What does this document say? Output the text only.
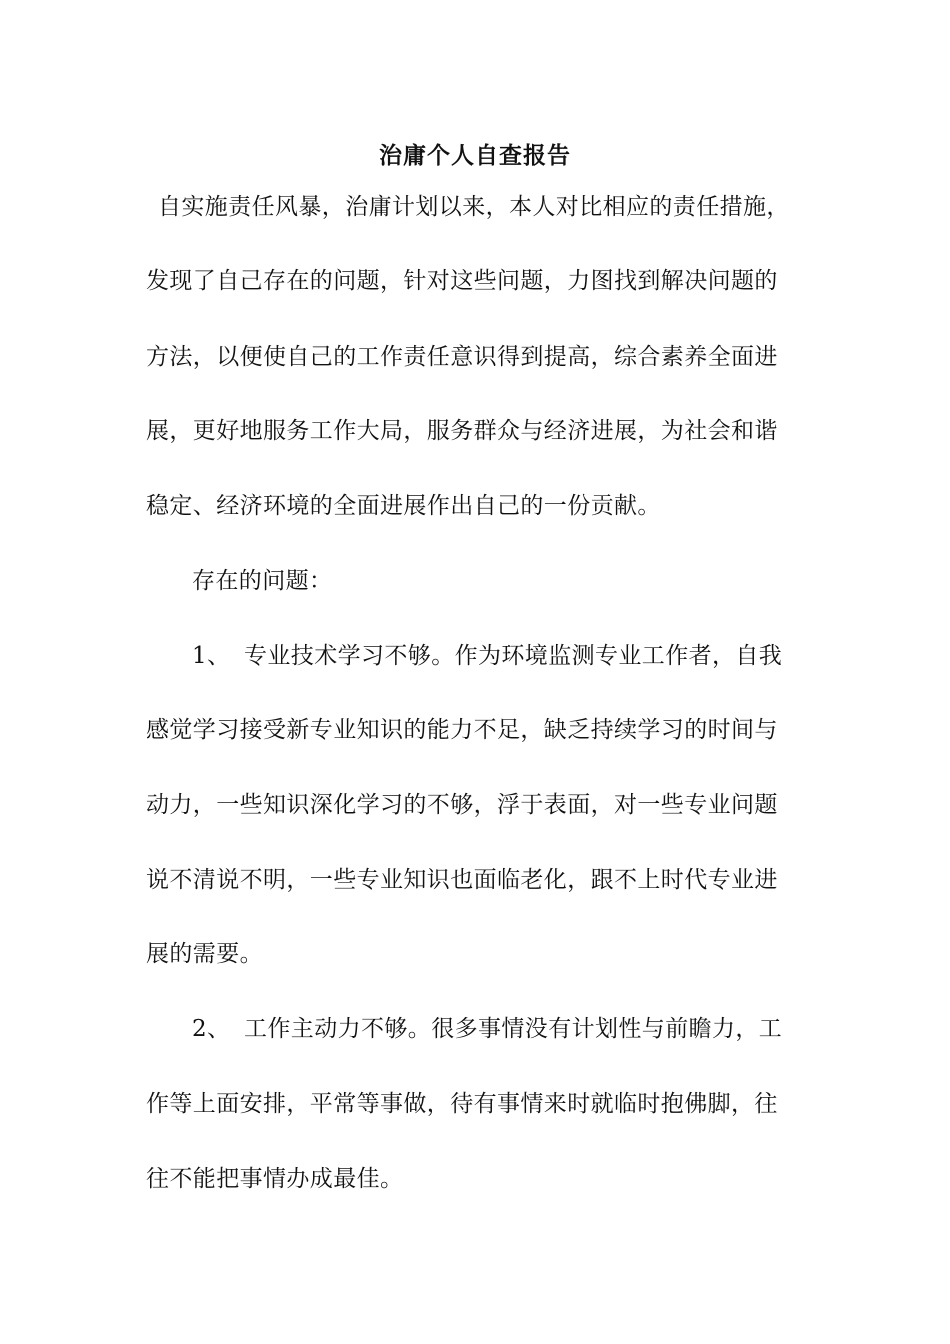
治庸个人自查报告
自实施责任风暴，治庸计划以来，本人对比相应的责任措施，
发现了自己存在的问题，针对这些问题，力图找到解决问题的
方法，以便使自己的工作责任意识得到提高，综合素养全面进
展，更好地服务工作大局，服务群众与经济进展，为社会和谐
稳定、经济环境的全面进展作出自己的一份贡献。
存在的问题：
1、 专业技术学习不够。作为环境监测专业工作者，自我
感觉学习接受新专业知识的能力不足，缺乏持续学习的时间与
动力，一些知识深化学习的不够，浮于表面，对一些专业问题
说不清说不明，一些专业知识也面临老化，跟不上时代专业进
展的需要。
2、 工作主动力不够。很多事情没有计划性与前瞻力，工
作等上面安排，平常等事做，待有事情来时就临时抱佛脚，往
往不能把事情办成最佳。
